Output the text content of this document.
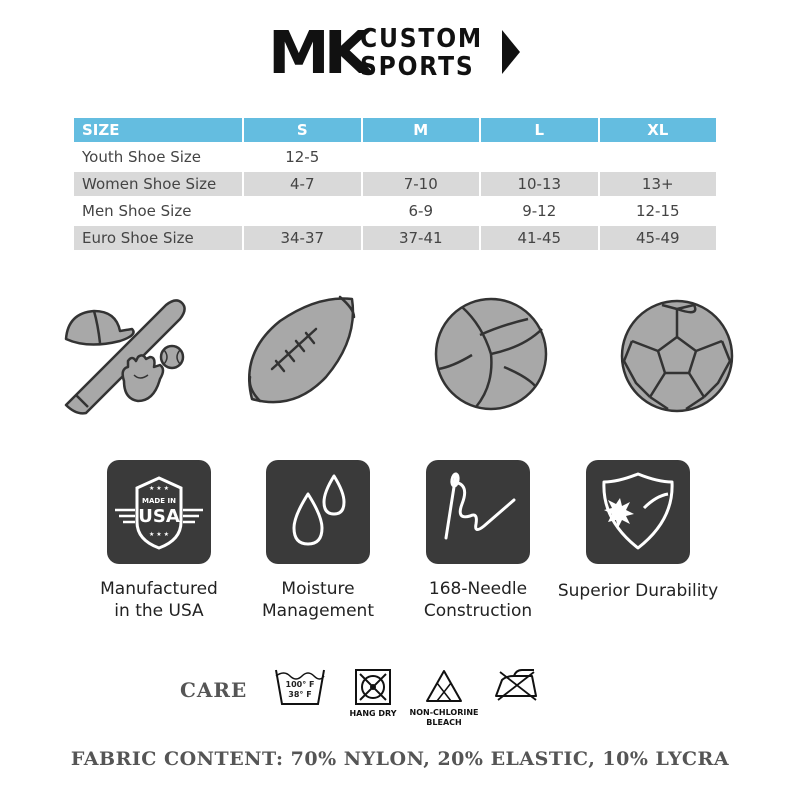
MK
CUSTOM
SPORTS
SIZE	S	M	L	XL
Youth Shoe Size	12-5			
Women Shoe Size	4-7	7-10	10-13	13+
Men Shoe Size		6-9	9-12	12-15
Euro Shoe Size	34-37	37-41	41-45	45-49
★ ★ ★
★ ★ ★
MADE IN
USA
Manufactured
in the USA
Moisture
Management
168-Needle
Construction
Superior Durability
CARE	100° F
38° F
HANG DRY	NON-CHLORINE
BLEACH
FABRIC CONTENT: 70% NYLON, 20% ELASTIC, 10% LYCRA
